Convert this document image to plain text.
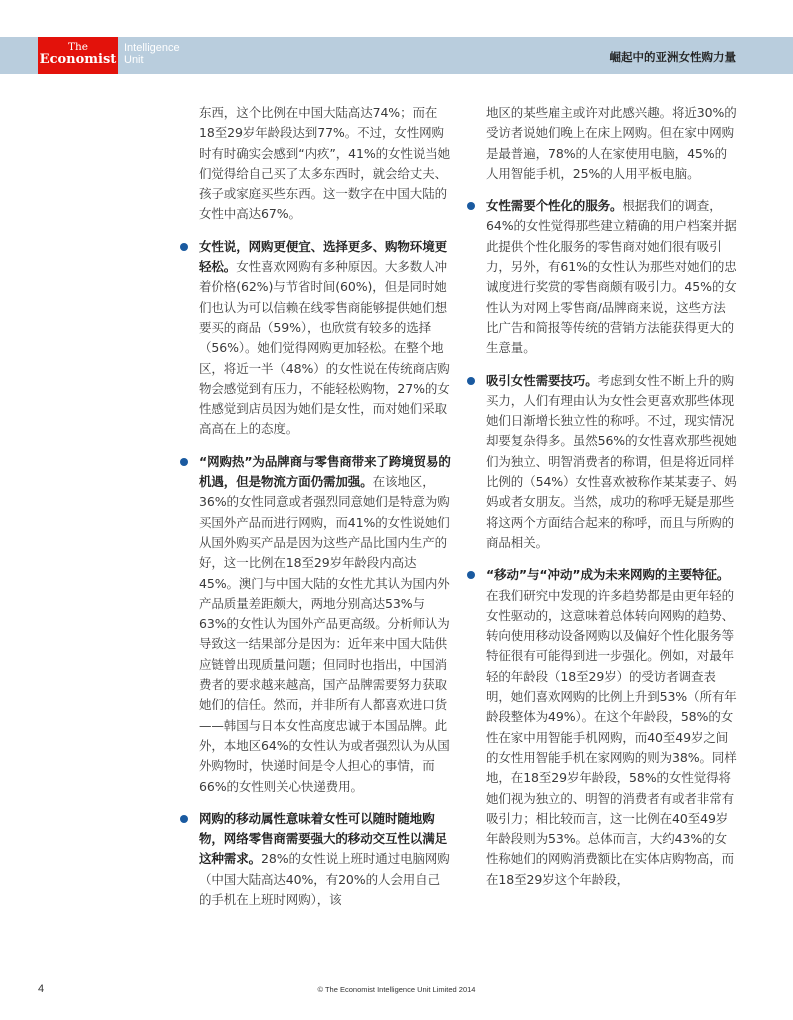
The
Economist
Intelligence
Unit	崛起中的亚洲女性购力量

东西，这个比例在中国大陆高达74%；而在18至29岁年龄段达到77%。不过，女性网购时有时确实会感到“内疚”，41%的女性说当她们觉得给自己买了太多东西时，就会给丈夫、孩子或家庭买些东西。这一数字在中国大陆的女性中高达67%。

女性说，网购更便宜、选择更多、购物环境更轻松。女性喜欢网购有多种原因。大多数人冲着价格(62%)与节省时间(60%)，但是同时她们也认为可以信赖在线零售商能够提供她们想要买的商品（59%），也欣赏有较多的选择（56%）。她们觉得网购更加轻松。在整个地区，将近一半（48%）的女性说在传统商店购物会感觉到有压力，不能轻松购物，27%的女性感觉到店员因为她们是女性，而对她们采取高高在上的态度。
“网购热”为品牌商与零售商带来了跨境贸易的机遇，但是物流方面仍需加强。在该地区，36%的女性同意或者强烈同意她们是特意为购买国外产品而进行网购，而41%的女性说她们从国外购买产品是因为这些产品比国内生产的好，这一比例在18至29岁年龄段内高达45%。澳门与中国大陆的女性尤其认为国内外产品质量差距颇大，两地分别高达53%与63%的女性认为国外产品更高级。分析师认为导致这一结果部分是因为：近年来中国大陆供应链曾出现质量问题；但同时也指出，中国消费者的要求越来越高，国产品牌需要努力获取她们的信任。然而，并非所有人都喜欢进口货——韩国与日本女性高度忠诚于本国品牌。此外，本地区64%的女性认为或者强烈认为从国外购物时，快递时间是令人担心的事情，而66%的女性则关心快递费用。
网购的移动属性意味着女性可以随时随地购物，网络零售商需要强大的移动交互性以满足这种需求。28%的女性说上班时通过电脑网购（中国大陆高达40%，有20%的人会用自己的手机在上班时网购），该

地区的某些雇主或许对此感兴趣。将近30%的受访者说她们晚上在床上网购。但在家中网购是最普遍，78%的人在家使用电脑，45%的人用智能手机，25%的人用平板电脑。

女性需要个性化的服务。根据我们的调查，64%的女性觉得那些建立精确的用户档案并据此提供个性化服务的零售商对她们很有吸引力，另外，有61%的女性认为那些对她们的忠诚度进行奖赏的零售商颇有吸引力。45%的女性认为对网上零售商/品牌商来说，这些方法比广告和简报等传统的营销方法能获得更大的生意量。
吸引女性需要技巧。考虑到女性不断上升的购买力，人们有理由认为女性会更喜欢那些体现她们日渐增长独立性的称呼。不过，现实情况却要复杂得多。虽然56%的女性喜欢那些视她们为独立、明智消费者的称谓，但是将近同样比例的（54%）女性喜欢被称作某某妻子、妈妈或者女朋友。当然，成功的称呼无疑是那些将这两个方面结合起来的称呼，而且与所购的商品相关。
“移动”与“冲动”成为未来网购的主要特征。在我们研究中发现的许多趋势都是由更年轻的女性驱动的，这意味着总体转向网购的趋势、转向使用移动设备网购以及偏好个性化服务等特征很有可能得到进一步强化。例如，对最年轻的年龄段（18至29岁）的受访者调查表明，她们喜欢网购的比例上升到53%（所有年龄段整体为49%）。在这个年龄段，58%的女性在家中用智能手机网购，而40至49岁之间的女性用智能手机在家网购的则为38%。同样地，在18至29岁年龄段，58%的女性觉得将她们视为独立的、明智的消费者有或者非常有吸引力；相比较而言，这一比例在40至49岁年龄段则为53%。总体而言，大约43%的女性称她们的网购消费额比在实体店购物高，而在18至29岁这个年龄段，
4	© The Economist Intelligence Unit Limited 2014
